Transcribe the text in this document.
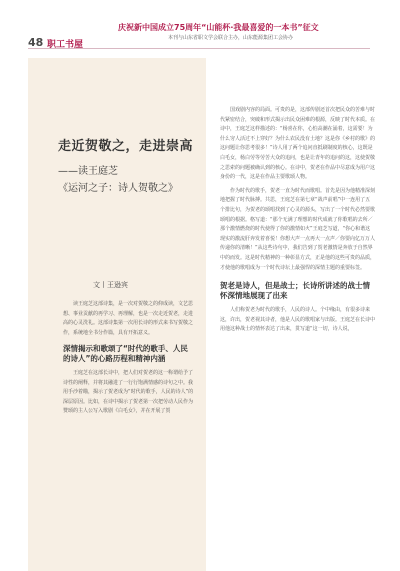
48 职工书屋
庆祝新中国成立75周年“山能杯·我最喜爱的一本书”征文
本刊与山东省职文学会联合主办，山东能源集团工会协办
走近贺敬之，走进崇高
——读王庭芝
《运河之子：诗人贺敬之》
文丨王逊宾

读王庭芝这部诗集，是一次对贺敬之的仰成读，文艺思想、事业贡献的再学习、再理解，也是一次走近贺老，走进高的心灵洗礼。这部诗集第一次用长诗的形式来书写贺敬之作，系统地全书分作篇，具有开拓意义。

深情揭示和歌颂了“时代的歌手、人民的诗人”的心路历程和精神内涵

王庭芝在这部长诗中，把人们对贺老的这一称谓给予了诗性的阐释，并将其融进了一行行饱满情感的诗句之中。我用手沙着瞄，揭示了贺老成为“时代的歌手，人民的诗人”的深层原因。比如，在诗中揭示了贺老第一次把劳动人民作为赞颂的主人公写入歌剧《白毛女》，并在开展了贺

国戏剧内容的局面。可贵的是，这部传剧还首次把民众的苦难与时代紧密结合，突破和形式揭示出民众困难的根源，反映了时代本质。在诗中，王庭芝这样描述的：“杨喜在你，心怕高潮在涌着，这需要！为什么穷人活过不上穿好？为什么农民没有土地？这是你《乡村的歌》的这问题让你思考很多！”诗人用了两个追问直抵刷制度的核心，这既是白毛女，杨白劳等劳苦大众的追问，也是让青年的追问的这，这使贺敬之思索的问题被确认到的核心。在诗中，贺老在作品中尽意成为用户这身份的一代，这是在作品主要歌颂人物。

作为时代的歌手，贺老一直为时代而歌唱。首先是因为他精准深刻地把握了时代脉搏。共思，王庭芝在第七章“战声前唱”中一连用了五个排比句，为贺老的颂唱找到了心灵的源头，写出了一个时代必然要歌颂唱的根据。格写道：“那个无满了理想的时代成就了你歌唱的去所／那个激情燃烧的时代使得了你的激情如火”王庭芝写道，“你心和谐这现实的激流肝奔发着喜悦！你想大声一点再大一点声／你要向亿万万人传递你的清晰！”从这些诗句中，我们告到了贺老激情是奔放于自然界中的而发。这是时代精神的一种彰显方式，正是他的这些可贵的品质，才使他的歌唱成为一个时代诗坛上最强悍的深情主题的重要标签。

贺老是诗人，但是战士；长诗所讲述的战士情怀深情地展现了出来

人们称贺老为时代的歌手，人民的诗人。个中缘由，有很多诗来这，许出，贺老视其诗者，他是人民的歌唱家与出版。王庭芝在长诗中用他这种战士的情怀表达了出来，贯写道“这一切，诗人说，
